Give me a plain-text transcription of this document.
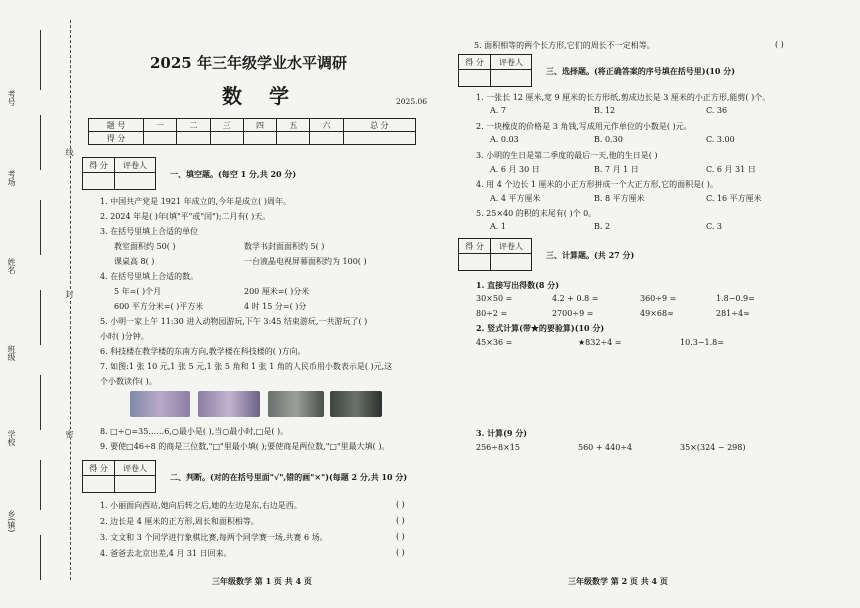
考号
考场
姓名
班级
学校
乡(镇)
线
封
密
2025 年三年级学业水平调研
数 学	2025.06
题 号	一	二	三	四	五	六	总 分
得 分							
得 分	评卷人

一、填空题。(每空 1 分,共 20 分)
1. 中国共产党是 1921 年成立的,今年是成立( )周年。
2. 2024 年是( )年(填"平"或"闰");二月有( )天。
3. 在括号里填上合适的单位
教室面积约 50( )	数学书封面面积约 5( )
课桌高 8( )	一台液晶电视屏幕面积约为 100( )
4. 在括号里填上合适的数。
5 年=( )个月	200 厘米=( )分米
600 平方分米=( )平方米	4 时 15 分=( )分
5. 小明一家上午 11:30 进入动物园游玩,下午 3:45 结束游玩,一共游玩了( )
小时( )分钟。
6. 科技楼在教学楼的东南方向,教学楼在科技楼的( )方向。
7. 如图:1 张 10 元,1 张 5 元,1 张 5 角和 1 张 1 角的人民币用小数表示是( )元,这
个小数读作( )。
8. □÷○=35……6,○最小是( ),当○最小时,□是( )。
9. 要使□46÷8 的商是三位数,"□"里最小填( );要使商是两位数,"□"里最大填( )。
得 分	评卷人

二、判断。(对的在括号里面"√",错的画"×")(每题 2 分,共 10 分)
1. 小丽面向西站,她向后转之后,她的左边是东,右边是西。	( )
2. 边长是 4 厘米的正方形,周长和面积相等。	( )
3. 文文和 3 个同学进行象棋比赛,每两个同学赛一场,共赛 6 场。	( )
4. 爸爸去北京出差,4 月 31 日回来。	( )
三年级数学 第 1 页 共 4 页
5. 面积相等的两个长方形,它们的周长不一定相等。	( )
得 分	评卷人

三、选择题。(将正确答案的序号填在括号里)(10 分)
1. 一张长 12 厘米,宽 9 厘米的长方形纸,剪成边长是 3 厘米的小正方形,能剪( )个。
A. 7	B. 12	C. 36
2. 一块橡皮的价格是 3 角钱,写成用元作单位的小数是( )元。
A. 0.03	B. 0.30	C. 3.00
3. 小明的生日是第二季度的最后一天,他的生日是( )
A. 6 月 30 日	B. 7 月 1 日	C. 6 月 31 日
4. 用 4 个边长 1 厘米的小正方形拼成一个大正方形,它的面积是( )。
A. 4 平方厘米	B. 8 平方厘米	C. 16 平方厘米
5. 25×40 的积的末尾有( )个 0。
A. 1	B. 2	C. 3
得 分	评卷人

三、计算题。(共 27 分)
1. 直接写出得数(8 分)
30×50 =	4.2 + 0.8 =	360÷9 =	1.8−0.9=
80÷2 =	2700÷9 =	49×68≈	281÷4≈
2. 竖式计算(带★的要验算)(10 分)
45×36 =	★832÷4 =	10.3−1.8=
3. 计算(9 分)
256÷8×15	560 + 440÷4	35×(324 − 298)
三年级数学 第 2 页 共 4 页
